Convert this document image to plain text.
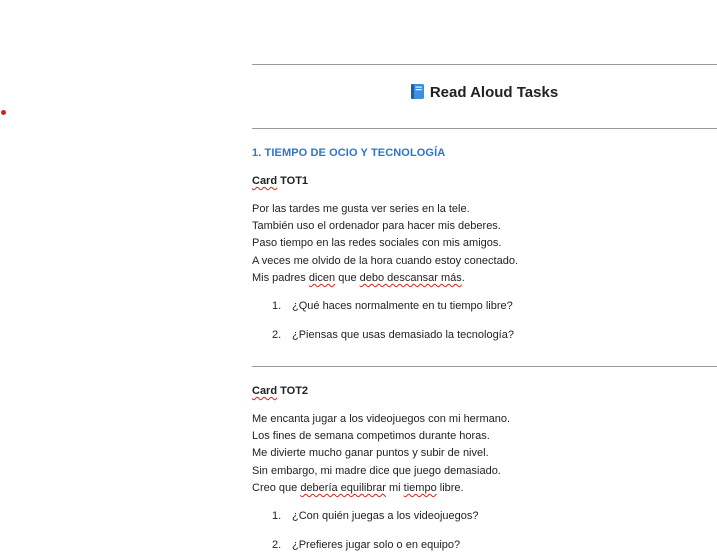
Read Aloud Tasks
1. TIEMPO DE OCIO Y TECNOLOGÍA
Card TOT1
Por las tardes me gusta ver series en la tele.
También uso el ordenador para hacer mis deberes.
Paso tiempo en las redes sociales con mis amigos.
A veces me olvido de la hora cuando estoy conectado.
Mis padres dicen que debo descansar más.
1. ¿Qué haces normalmente en tu tiempo libre?
2. ¿Piensas que usas demasiado la tecnología?
Card TOT2
Me encanta jugar a los videojuegos con mi hermano.
Los fines de semana competimos durante horas.
Me divierte mucho ganar puntos y subir de nivel.
Sin embargo, mi madre dice que juego demasiado.
Creo que debería equilibrar mi tiempo libre.
1. ¿Con quién juegas a los videojuegos?
2. ¿Prefieres jugar solo o en equipo?
